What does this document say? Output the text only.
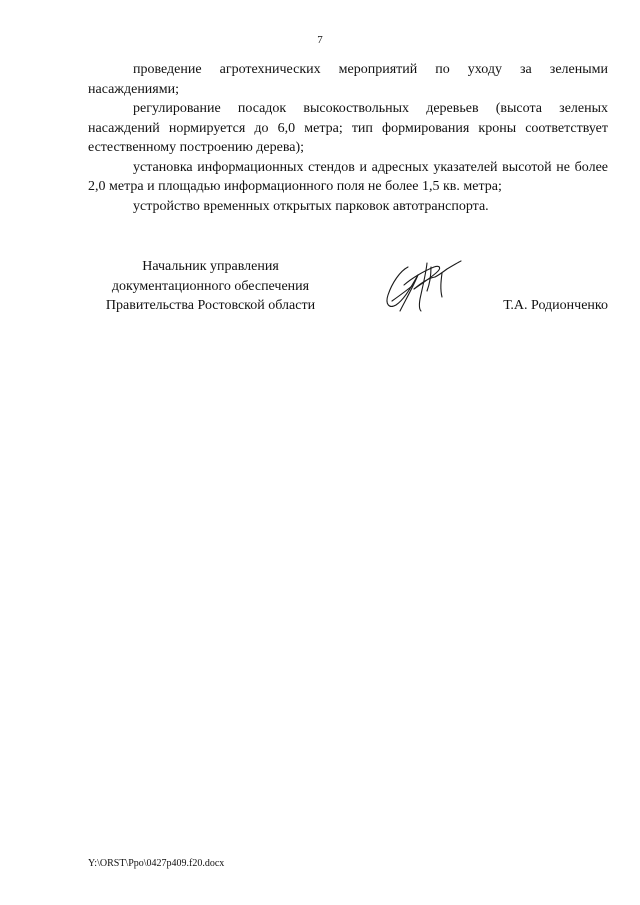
7

проведение агротехнических мероприятий по уходу за зелеными насаждениями;

регулирование посадок высокоствольных деревьев (высота зеленых насаждений нормируется до 6,0 метра; тип формирования кроны соответствует естественному построению дерева);

установка информационных стендов и адресных указателей высотой не более 2,0 метра и площадью информационного поля не более 1,5 кв. метра;

устройство временных открытых парковок автотранспорта.

Начальник управления
документационного обеспечения
Правительства Ростовской области	Т.А. Родионченко
Y:\ORST\Ppo\0427p409.f20.docx
